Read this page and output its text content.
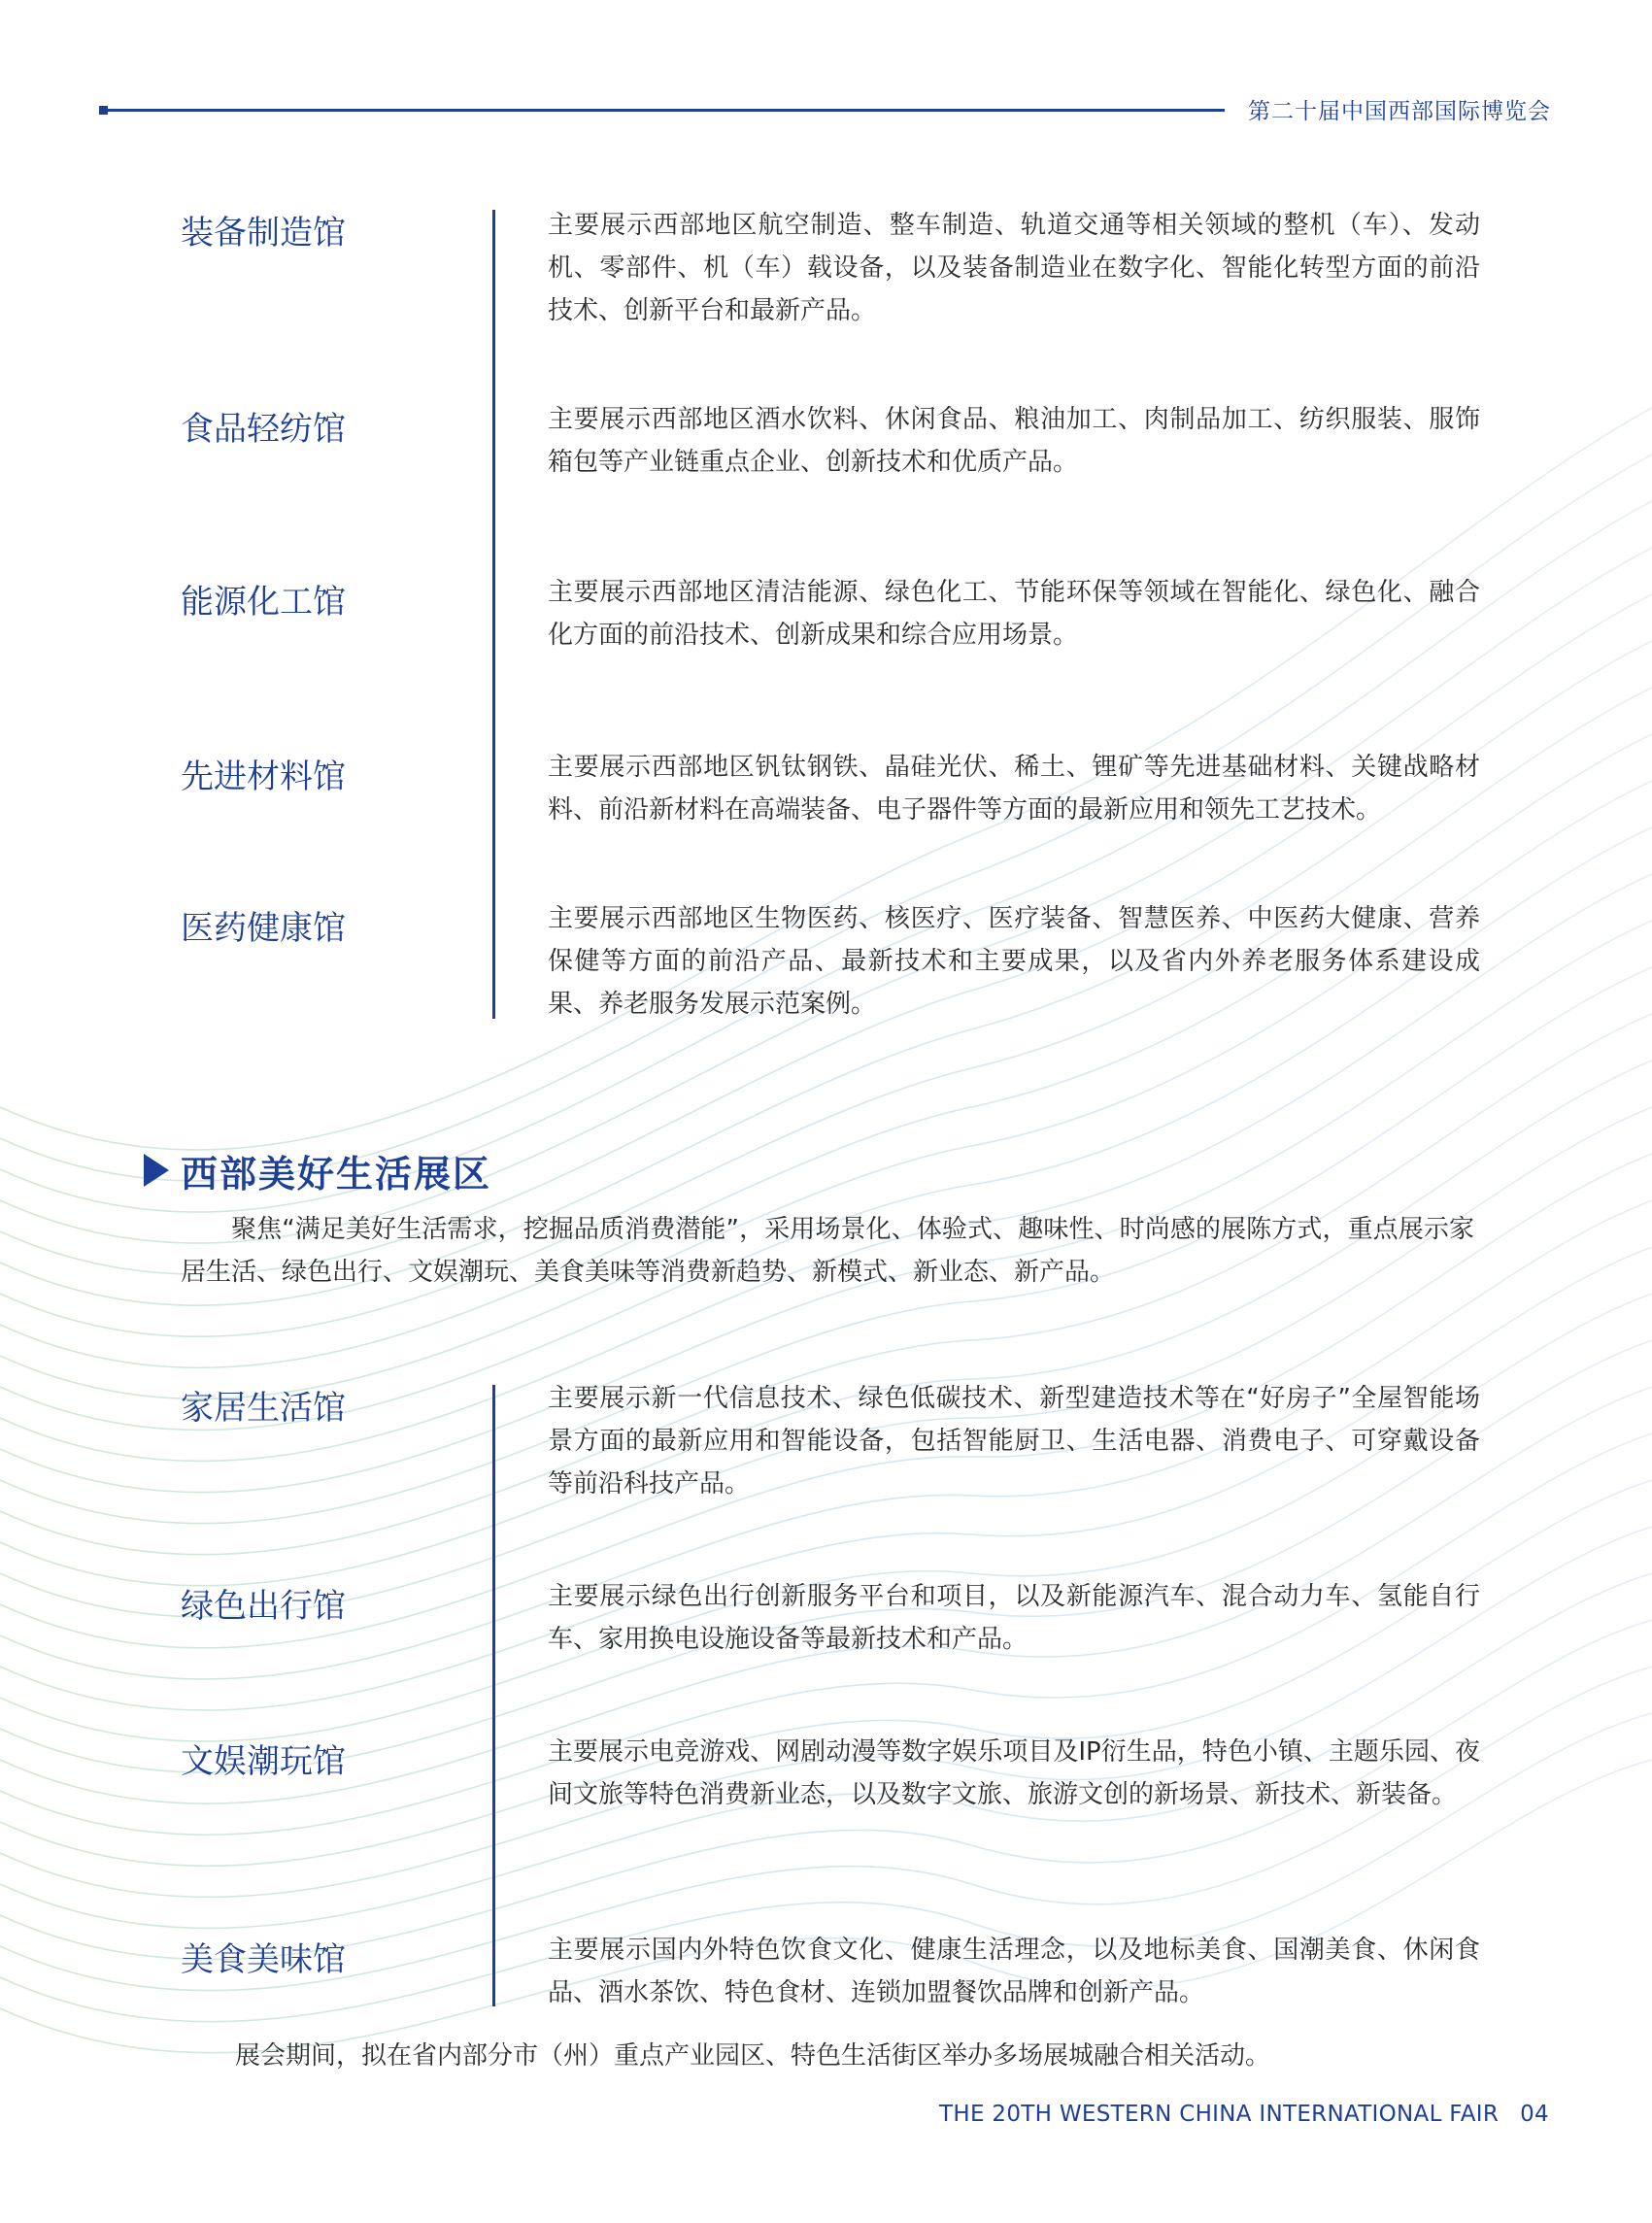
第二十届中国西部国际博览会
装备制造馆	主要展示西部地区航空制造、整车制造、轨道交通等相关领域的整机（车）、发动机、零部件、机（车）载设备，以及装备制造业在数字化、智能化转型方面的前沿技术、创新平台和最新产品。
食品轻纺馆	主要展示西部地区酒水饮料、休闲食品、粮油加工、肉制品加工、纺织服装、服饰箱包等产业链重点企业、创新技术和优质产品。
能源化工馆	主要展示西部地区清洁能源、绿色化工、节能环保等领域在智能化、绿色化、融合化方面的前沿技术、创新成果和综合应用场景。
先进材料馆	主要展示西部地区钒钛钢铁、晶硅光伏、稀土、锂矿等先进基础材料、关键战略材料、前沿新材料在高端装备、电子器件等方面的最新应用和领先工艺技术。
医药健康馆	主要展示西部地区生物医药、核医疗、医疗装备、智慧医养、中医药大健康、营养保健等方面的前沿产品、最新技术和主要成果，以及省内外养老服务体系建设成果、养老服务发展示范案例。
西部美好生活展区
聚焦“满足美好生活需求，挖掘品质消费潜能”，采用场景化、体验式、趣味性、时尚感的展陈方式，重点展示家居生活、绿色出行、文娱潮玩、美食美味等消费新趋势、新模式、新业态、新产品。
家居生活馆	主要展示新一代信息技术、绿色低碳技术、新型建造技术等在“好房子”全屋智能场景方面的最新应用和智能设备，包括智能厨卫、生活电器、消费电子、可穿戴设备等前沿科技产品。
绿色出行馆	主要展示绿色出行创新服务平台和项目，以及新能源汽车、混合动力车、氢能自行车、家用换电设施设备等最新技术和产品。
文娱潮玩馆	主要展示电竞游戏、网剧动漫等数字娱乐项目及IP衍生品，特色小镇、主题乐园、夜间文旅等特色消费新业态，以及数字文旅、旅游文创的新场景、新技术、新装备。
美食美味馆	主要展示国内外特色饮食文化、健康生活理念，以及地标美食、国潮美食、休闲食品、酒水茶饮、特色食材、连锁加盟餐饮品牌和创新产品。
展会期间，拟在省内部分市（州）重点产业园区、特色生活街区举办多场展城融合相关活动。
THE 20TH WESTERN CHINA INTERNATIONAL FAIR 04
